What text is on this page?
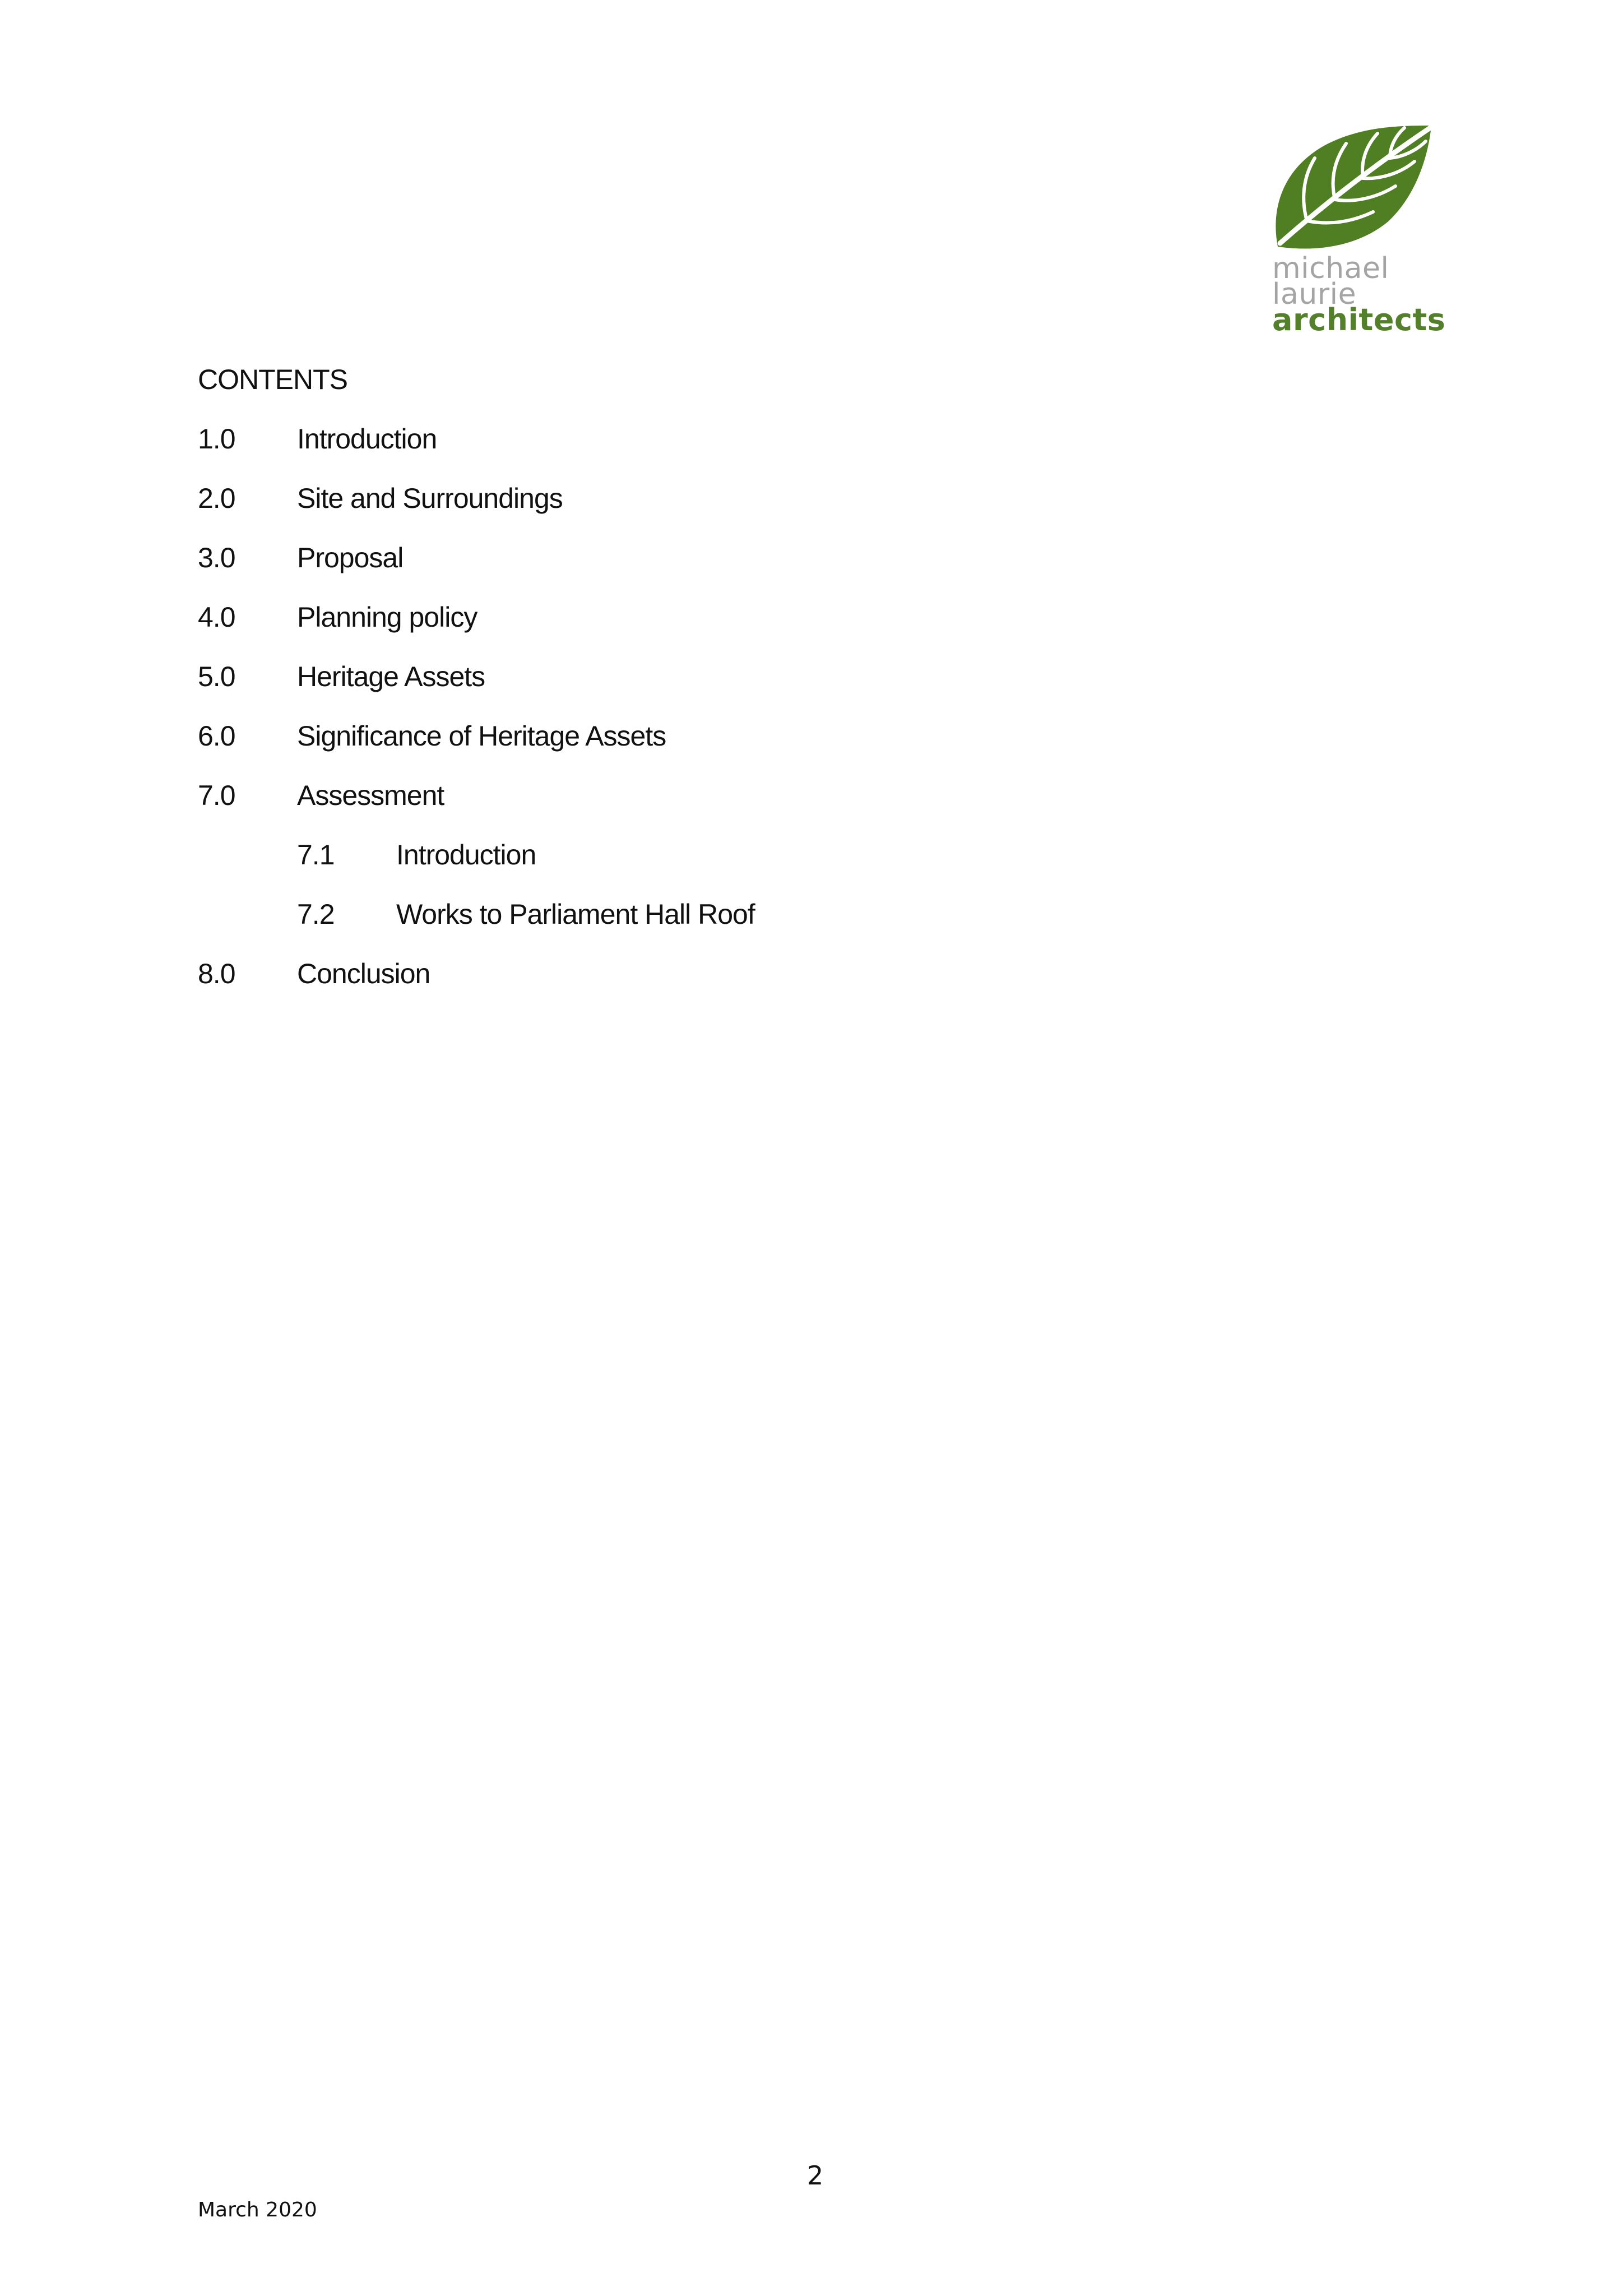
michael
laurie
architects
CONTENTS
1.0 Introduction
2.0 Site and Surroundings
3.0 Proposal
4.0 Planning policy
5.0 Heritage Assets
6.0 Significance of Heritage Assets
7.0 Assessment
7.1 Introduction
7.2 Works to Parliament Hall Roof
8.0 Conclusion
2
March 2020
